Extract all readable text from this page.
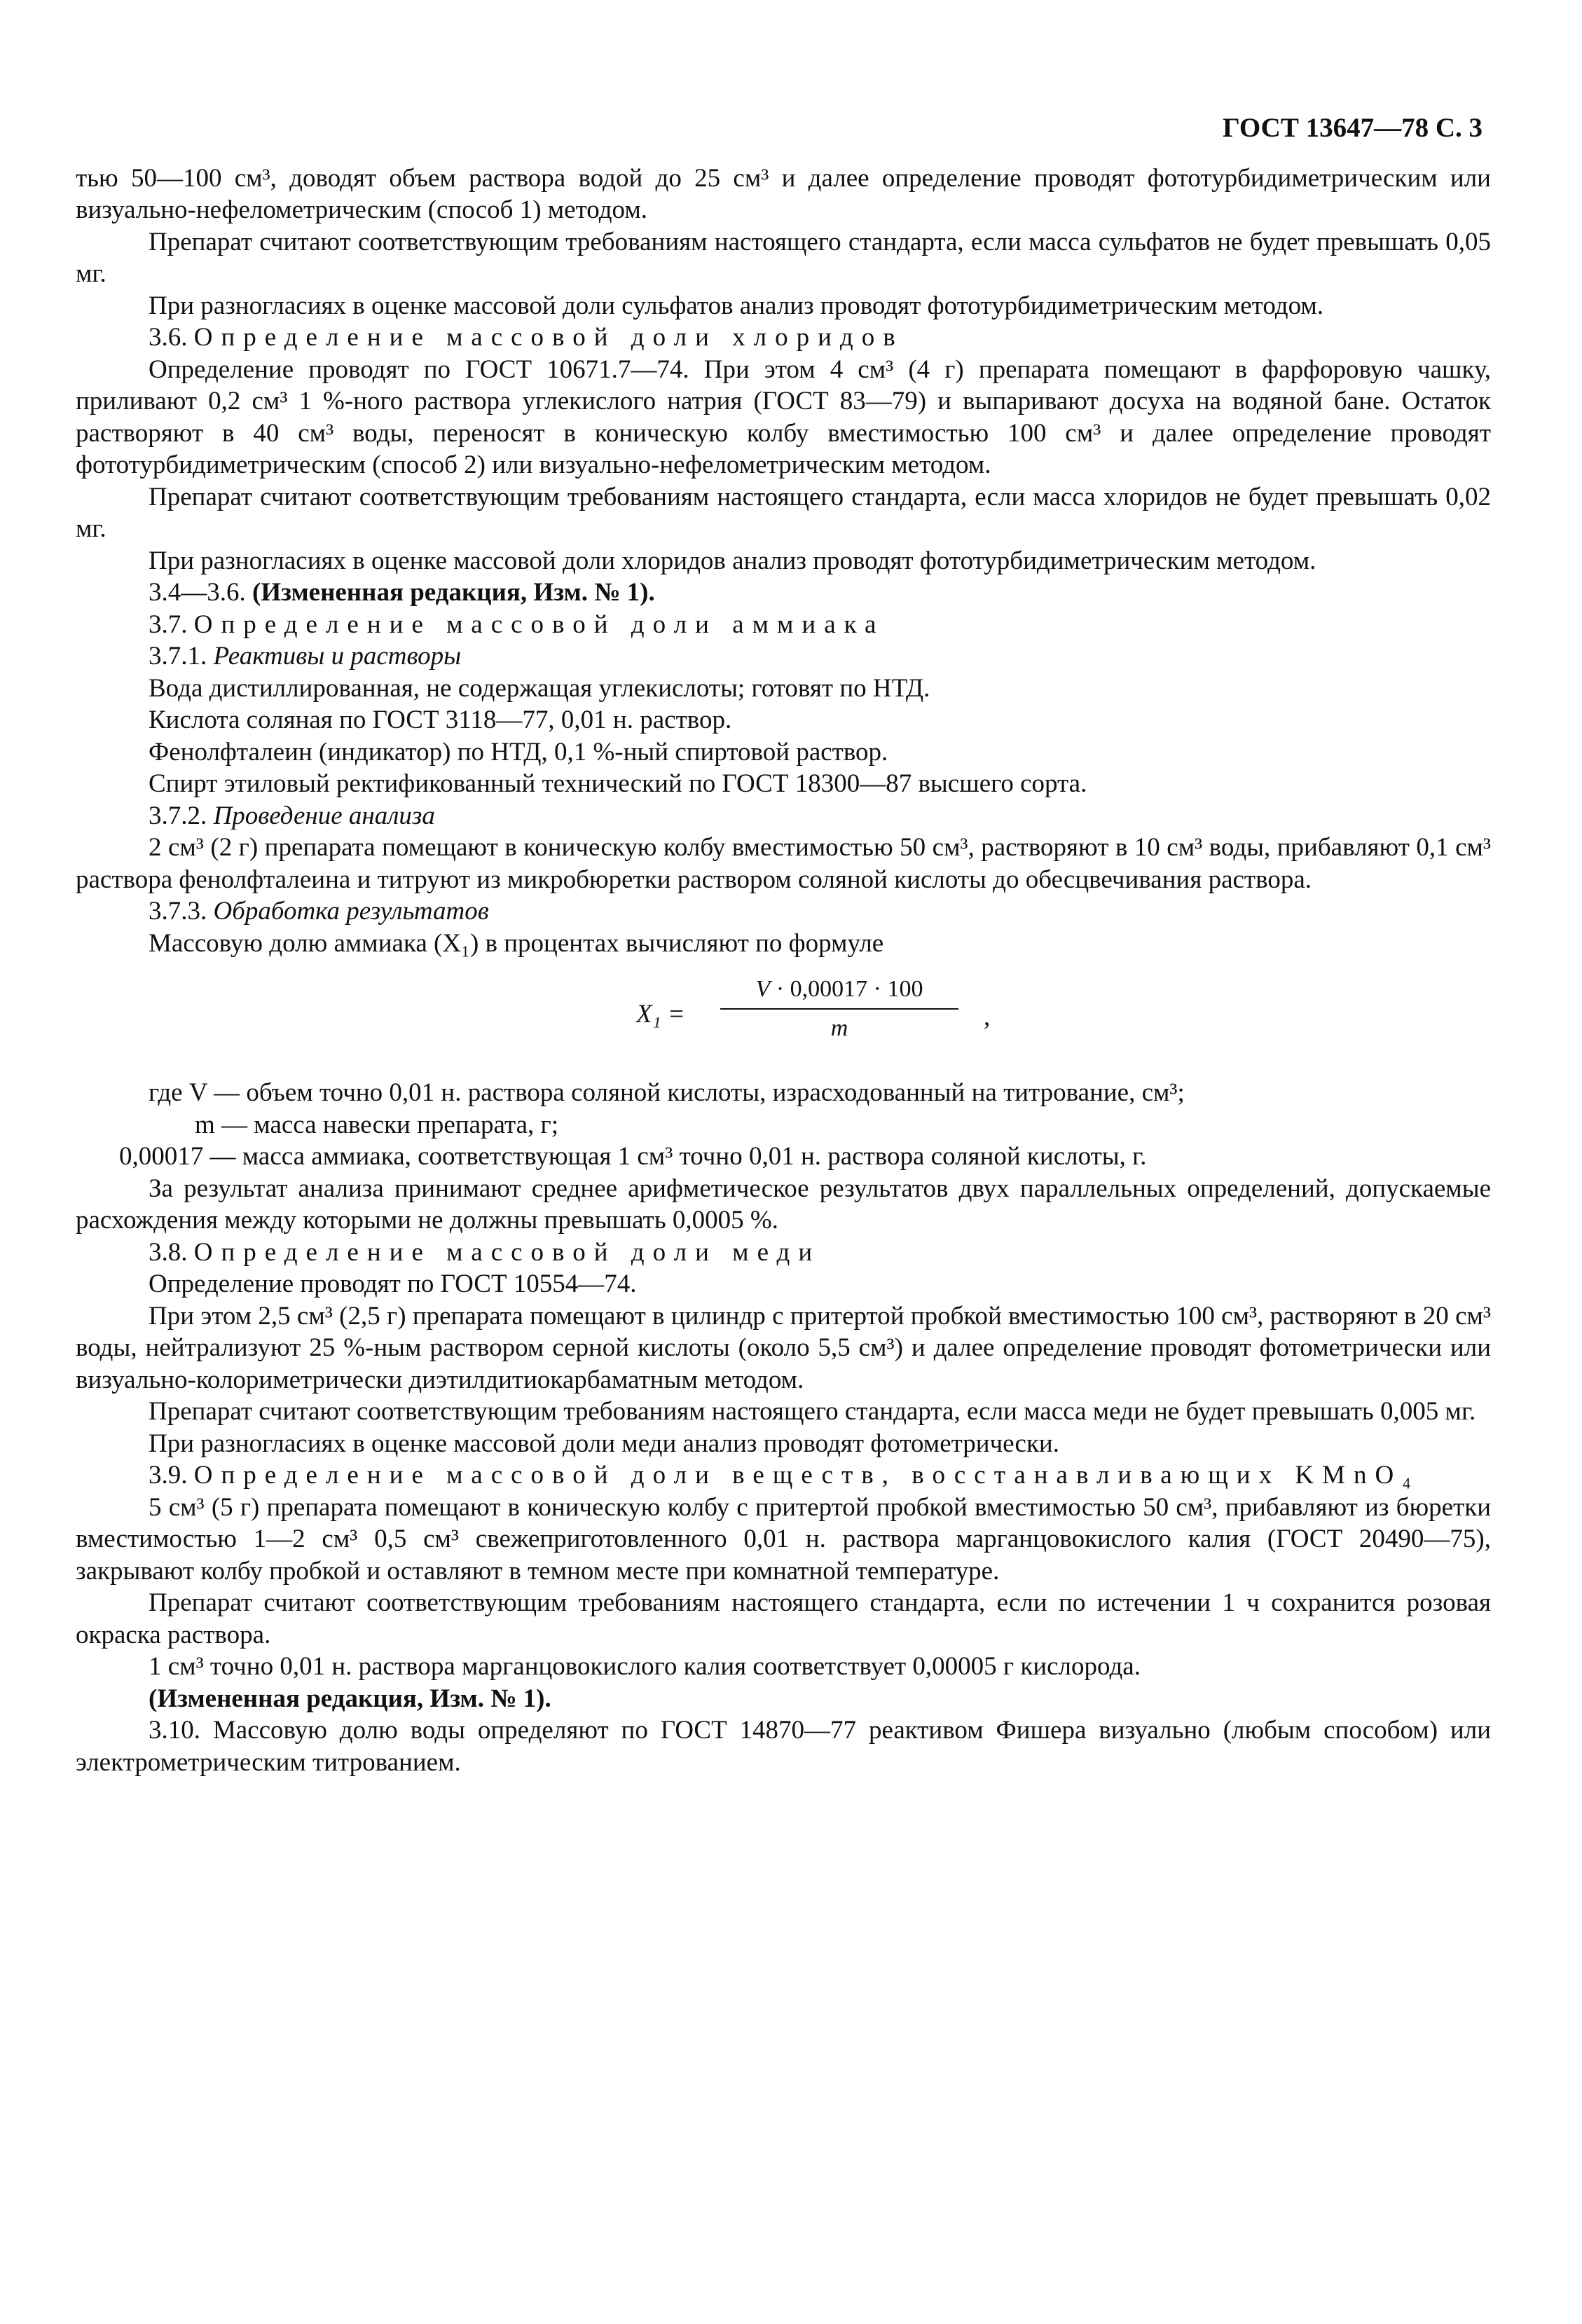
ГОСТ 13647—78 С. 3

тью 50—100 см³, доводят объем раствора водой до 25 см³ и далее определение проводят фототурбидиметрическим или визуально-нефелометрическим (способ 1) методом.

Препарат считают соответствующим требованиям настоящего стандарта, если масса сульфатов не будет превышать 0,05 мг.

При разногласиях в оценке массовой доли сульфатов анализ проводят фототурбидиметрическим методом.

3.6. Определение массовой доли хлоридов

Определение проводят по ГОСТ 10671.7—74. При этом 4 см³ (4 г) препарата помещают в фарфоровую чашку, приливают 0,2 см³ 1 %-ного раствора углекислого натрия (ГОСТ 83—79) и выпаривают досуха на водяной бане. Остаток растворяют в 40 см³ воды, переносят в коническую колбу вместимостью 100 см³ и далее определение проводят фототурбидиметрическим (способ 2) или визуально-нефелометрическим методом.

Препарат считают соответствующим требованиям настоящего стандарта, если масса хлоридов не будет превышать 0,02 мг.

При разногласиях в оценке массовой доли хлоридов анализ проводят фототурбидиметрическим методом.

3.4—3.6. (Измененная редакция, Изм. № 1).

3.7. Определение массовой доли аммиака

3.7.1. Реактивы и растворы

Вода дистиллированная, не содержащая углекислоты; готовят по НТД.

Кислота соляная по ГОСТ 3118—77, 0,01 н. раствор.

Фенолфталеин (индикатор) по НТД, 0,1 %-ный спиртовой раствор.

Спирт этиловый ректификованный технический по ГОСТ 18300—87 высшего сорта.

3.7.2. Проведение анализа

2 см³ (2 г) препарата помещают в коническую колбу вместимостью 50 см³, растворяют в 10 см³ воды, прибавляют 0,1 см³ раствора фенолфталеина и титруют из микробюретки раствором соляной кислоты до обесцвечивания раствора.

3.7.3. Обработка результатов

Массовую долю аммиака (X₁) в процентах вычисляют по формуле

X₁ =
V · 0,00017 · 100
m	,

где V — объем точно 0,01 н. раствора соляной кислоты, израсходованный на титрование, см³;

m — масса навески препарата, г;

0,00017 — масса аммиака, соответствующая 1 см³ точно 0,01 н. раствора соляной кислоты, г.

За результат анализа принимают среднее арифметическое результатов двух параллельных определений, допускаемые расхождения между которыми не должны превышать 0,0005 %.

3.8. Определение массовой доли меди

Определение проводят по ГОСТ 10554—74.

При этом 2,5 см³ (2,5 г) препарата помещают в цилиндр с притертой пробкой вместимостью 100 см³, растворяют в 20 см³ воды, нейтрализуют 25 %-ным раствором серной кислоты (около 5,5 см³) и далее определение проводят фотометрически или визуально-колориметрически диэтилдитиокарбаматным методом.

Препарат считают соответствующим требованиям настоящего стандарта, если масса меди не будет превышать 0,005 мг.

При разногласиях в оценке массовой доли меди анализ проводят фотометрически.

3.9. Определение массовой доли веществ, восстанавливающих KMnO₄

5 см³ (5 г) препарата помещают в коническую колбу с притертой пробкой вместимостью 50 см³, прибавляют из бюретки вместимостью 1—2 см³ 0,5 см³ свежеприготовленного 0,01 н. раствора марганцовокислого калия (ГОСТ 20490—75), закрывают колбу пробкой и оставляют в темном месте при комнатной температуре.

Препарат считают соответствующим требованиям настоящего стандарта, если по истечении 1 ч сохранится розовая окраска раствора.

1 см³ точно 0,01 н. раствора марганцовокислого калия соответствует 0,00005 г кислорода.

(Измененная редакция, Изм. № 1).

3.10. Массовую долю воды определяют по ГОСТ 14870—77 реактивом Фишера визуально (любым способом) или электрометрическим титрованием.
